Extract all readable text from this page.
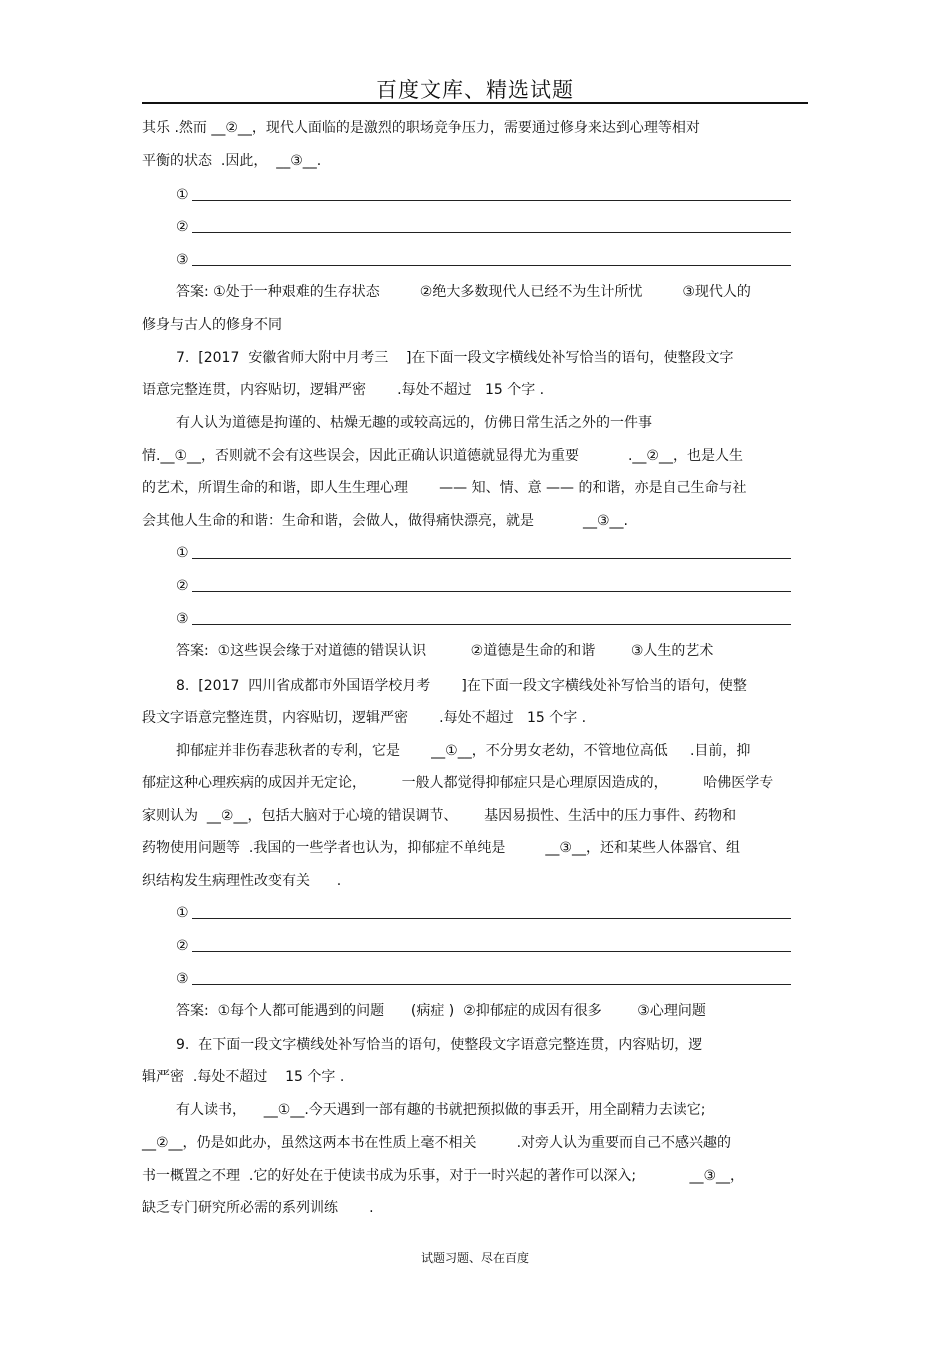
百度文库、精选试题
其乐 .然而 __②__，现代人面临的是激烈的职场竞争压力，需要通过修身来达到心理等相对
平衡的状态  .因此，  __③__.
①
②
③
答案: ①处于一种艰难的生存状态         ②绝大多数现代人已经不为生计所忧         ③现代人的
修身与古人的修身不同
7.  [2017  安徽省师大附中月考三    ]在下面一段文字横线处补写恰当的语句，使整段文字
语意完整连贯，内容贴切，逻辑严密       .每处不超过   15 个字 .
有人认为道德是拘谨的、枯燥无趣的或较高远的，仿佛日常生活之外的一件事
情.__①__，否则就不会有这些误会，因此正确认识道德就显得尤为重要           .__②__，也是人生
的艺术，所谓生命的和谐，即人生生理心理       —— 知、情、意 —— 的和谐，亦是自己生命与社
会其他人生命的和谐：生命和谐，会做人，做得痛快漂亮，就是           __③__.
①
②
③
答案:  ①这些误会缘于对道德的错误认识          ②道德是生命的和谐        ③人生的艺术
8.  [2017  四川省成都市外国语学校月考       ]在下面一段文字横线处补写恰当的语句，使整
段文字语意完整连贯，内容贴切，逻辑严密       .每处不超过   15 个字 .
抑郁症并非伤春悲秋者的专利，它是       __①__，不分男女老幼，不管地位高低     .目前，抑
郁症这种心理疾病的成因并无定论，        一般人都觉得抑郁症只是心理原因造成的，        哈佛医学专
家则认为  __②__，包括大脑对于心境的错误调节、      基因易损性、生活中的压力事件、药物和
药物使用问题等  .我国的一些学者也认为，抑郁症不单纯是         __③__，还和某些人体器官、组
织结构发生病理性改变有关      .
①
②
③
答案:  ①每个人都可能遇到的问题      (病症 )  ②抑郁症的成因有很多        ③心理问题
9.  在下面一段文字横线处补写恰当的语句，使整段文字语意完整连贯，内容贴切，逻
辑严密  .每处不超过    15 个字 .
有人读书，    __①__.今天遇到一部有趣的书就把预拟做的事丢开，用全副精力去读它;
__②__，仍是如此办，虽然这两本书在性质上毫不相关         .对旁人认为重要而自己不感兴趣的
书一概置之不理  .它的好处在于使读书成为乐事，对于一时兴起的著作可以深入;            __③__，
缺乏专门研究所必需的系列训练       .
试题习题、尽在百度
